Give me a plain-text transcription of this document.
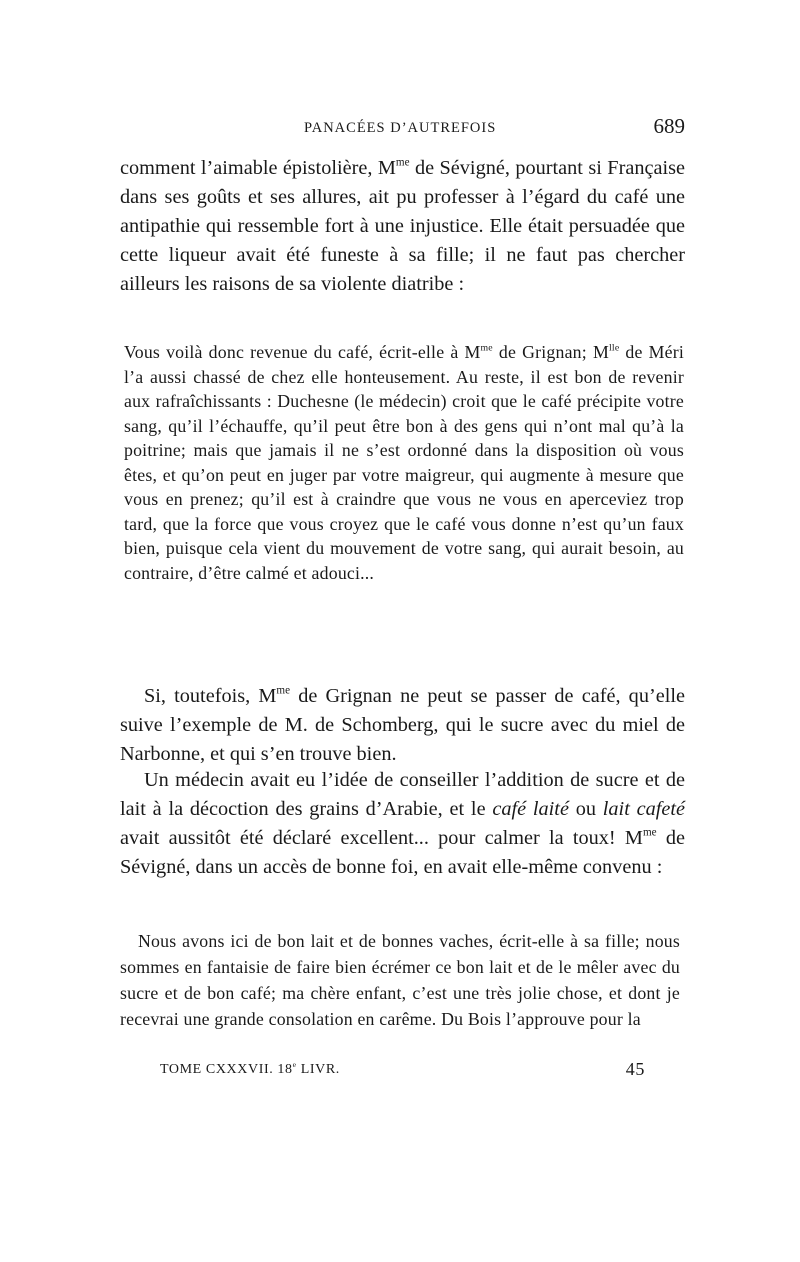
PANACÉES D’AUTREFOIS	689

comment l’aimable épistolière, $M^{me}$ de Sévigné, pourtant si Française dans ses goûts et ses allures, ait pu professer à l’égard du café une antipathie qui ressemble fort à une injustice. Elle était persuadée que cette liqueur avait été funeste à sa fille; il ne faut pas chercher ailleurs les raisons de sa violente diatribe :

Vous voilà donc revenue du café, écrit-elle à $M^{me}$ de Grignan; $M^{lle}$ de Méri l’a aussi chassé de chez elle honteusement. Au reste, il est bon de revenir aux rafraîchissants : Duchesne (le médecin) croit que le café précipite votre sang, qu’il l’échauffe, qu’il peut être bon à des gens qui n’ont mal qu’à la poitrine; mais que jamais il ne s’est ordonné dans la disposition où vous êtes, et qu’on peut en juger par votre maigreur, qui augmente à mesure que vous en prenez; qu’il est à craindre que vous ne vous en aperceviez trop tard, que la force que vous croyez que le café vous donne n’est qu’un faux bien, puisque cela vient du mouvement de votre sang, qui aurait besoin, au contraire, d’être calmé et adouci...

Si, toutefois, $M^{me}$ de Grignan ne peut se passer de café, qu’elle suive l’exemple de M. de Schomberg, qui le sucre avec du miel de Narbonne, et qui s’en trouve bien.

Un médecin avait eu l’idée de conseiller l’addition de sucre et de lait à la décoction des grains d’Arabie, et le café laité ou lait cafeté avait aussitôt été déclaré excellent... pour calmer la toux! $M^{me}$ de Sévigné, dans un accès de bonne foi, en avait elle-même convenu :

Nous avons ici de bon lait et de bonnes vaches, écrit-elle à sa fille; nous sommes en fantaisie de faire bien écrémer ce bon lait et de le mêler avec du sucre et de bon café; ma chère enfant, c’est une très jolie chose, et dont je recevrai une grande consolation en carême. Du Bois l’approuve pour la

TOME CXXXVII. 18e LIVR.	45
